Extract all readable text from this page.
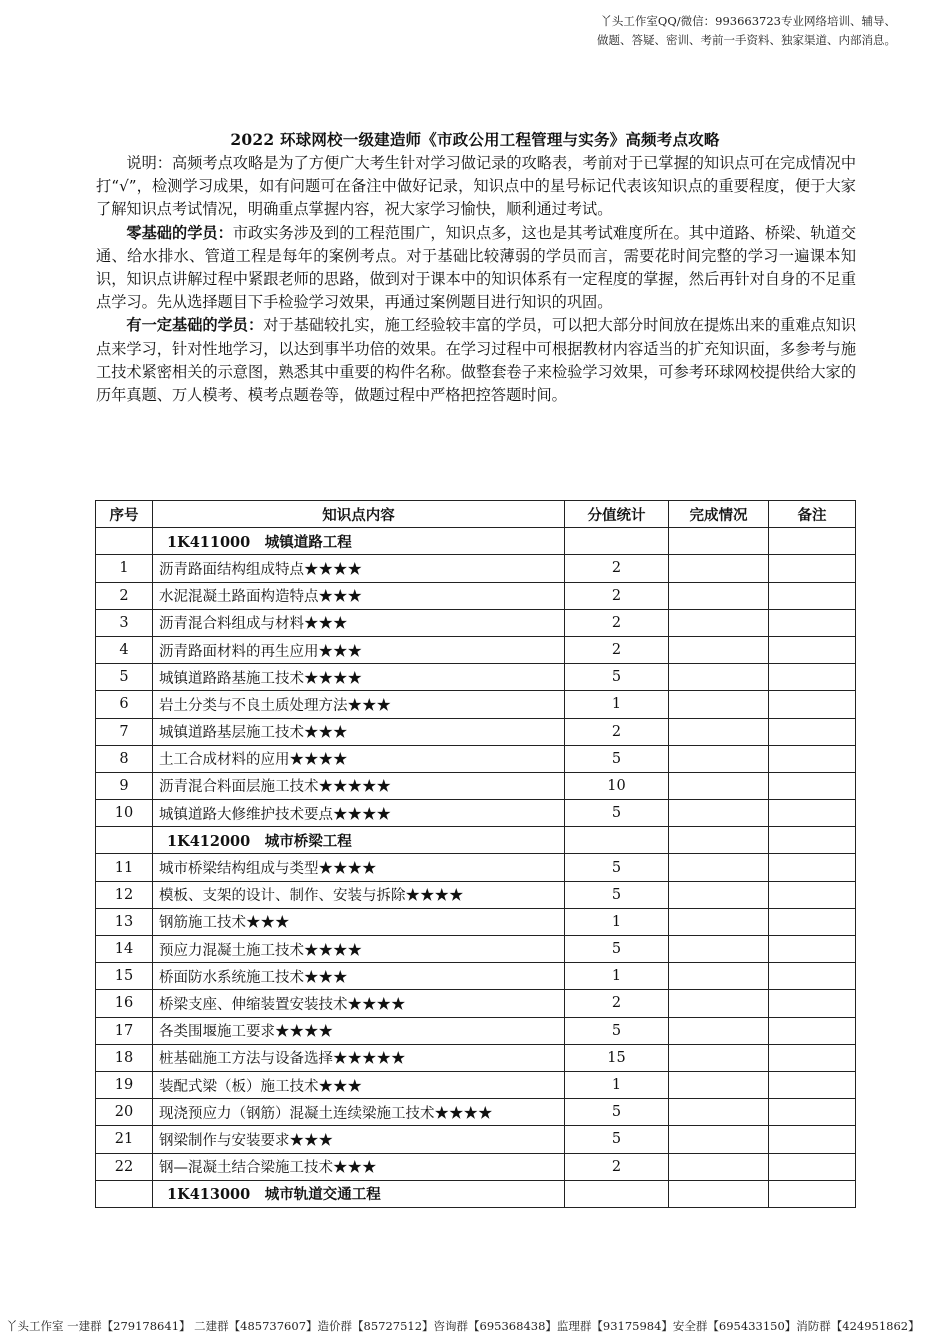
丫头工作室QQ/微信：993663723专业网络培训、辅导、
做题、答疑、密训、考前一手资料、独家渠道、内部消息。
2022 环球网校一级建造师《市政公用工程管理与实务》高频考点攻略

说明：高频考点攻略是为了方便广大考生针对学习做记录的攻略表，考前对于已掌握的知识点可在完成情况中打“√”，检测学习成果，如有问题可在备注中做好记录，知识点中的星号标记代表该知识点的重要程度，便于大家了解知识点考试情况，明确重点掌握内容，祝大家学习愉快，顺利通过考试。

零基础的学员：市政实务涉及到的工程范围广，知识点多，这也是其考试难度所在。其中道路、桥梁、轨道交通、给水排水、管道工程是每年的案例考点。对于基础比较薄弱的学员而言，需要花时间完整的学习一遍课本知识，知识点讲解过程中紧跟老师的思路，做到对于课本中的知识体系有一定程度的掌握，然后再针对自身的不足重点学习。先从选择题目下手检验学习效果，再通过案例题目进行知识的巩固。

有一定基础的学员：对于基础较扎实，施工经验较丰富的学员，可以把大部分时间放在提炼出来的重难点知识点来学习，针对性地学习，以达到事半功倍的效果。在学习过程中可根据教材内容适当的扩充知识面，多参考与施工技术紧密相关的示意图，熟悉其中重要的构件名称。做整套卷子来检验学习效果，可参考环球网校提供给大家的历年真题、万人模考、模考点题卷等，做题过程中严格把控答题时间。

序号	知识点内容	分值统计	完成情况	备注
	1K411000　城镇道路工程			
1	沥青路面结构组成特点★★★★	2		
2	水泥混凝土路面构造特点★★★	2		
3	沥青混合料组成与材料★★★	2		
4	沥青路面材料的再生应用★★★	2		
5	城镇道路路基施工技术★★★★	5		
6	岩土分类与不良土质处理方法★★★	1		
7	城镇道路基层施工技术★★★	2		
8	土工合成材料的应用★★★★	5		
9	沥青混合料面层施工技术★★★★★	10		
10	城镇道路大修维护技术要点★★★★	5		
	1K412000　城市桥梁工程			
11	城市桥梁结构组成与类型★★★★	5		
12	模板、支架的设计、制作、安装与拆除★★★★	5		
13	钢筋施工技术★★★	1		
14	预应力混凝土施工技术★★★★	5		
15	桥面防水系统施工技术★★★	1		
16	桥梁支座、伸缩装置安装技术★★★★	2		
17	各类围堰施工要求★★★★	5		
18	桩基础施工方法与设备选择★★★★★	15		
19	装配式梁（板）施工技术★★★	1		
20	现浇预应力（钢筋）混凝土连续梁施工技术★★★★	5		
21	钢梁制作与安装要求★★★	5		
22	钢—混凝土结合梁施工技术★★★	2		
	1K413000　城市轨道交通工程			
丫头工作室 一建群【279178641】 二建群【485737607】造价群【85727512】咨询群【695368438】监理群【93175984】安全群【695433150】消防群【424951862】
